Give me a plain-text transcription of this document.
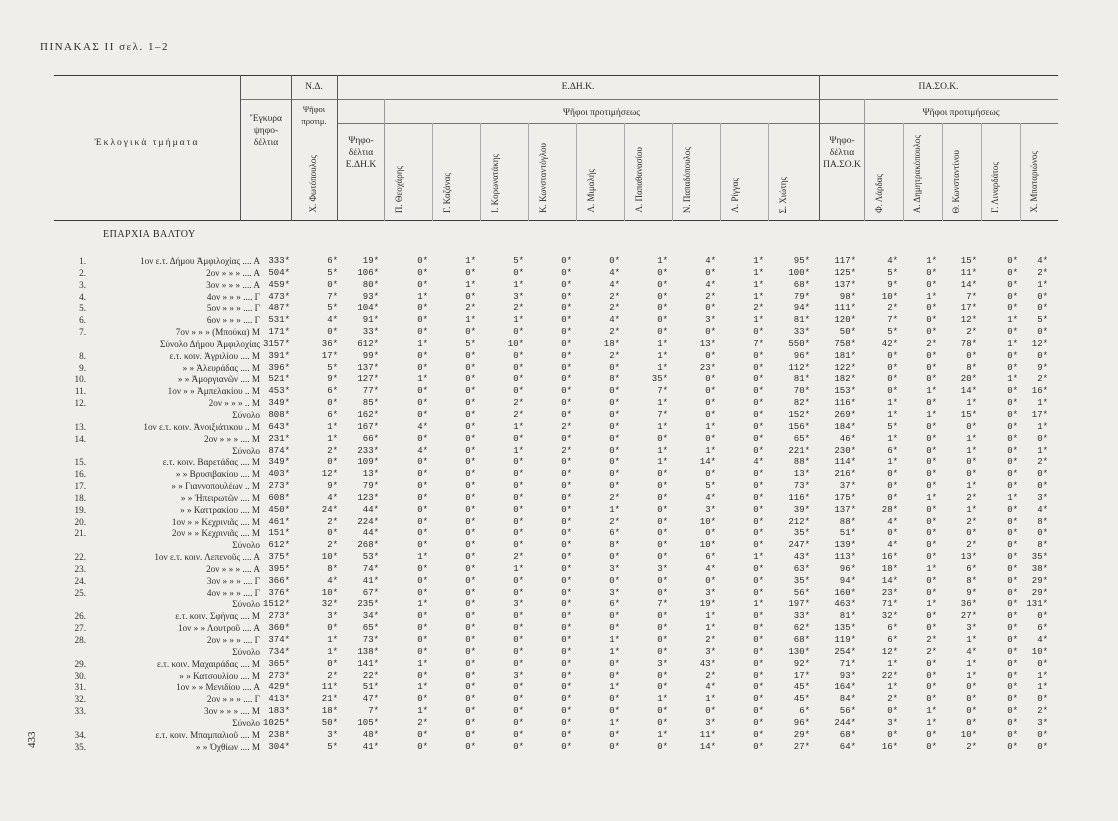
ΠΙΝΑΚΑΣ ΙΙ σελ. 1–2
433
Ἐκλογικὰ τμήματα
Ἔγκυρα ψηφο- δέλτια
Ν.Δ.
Ψῆφοι προτιμ.
Χ. Φωτόπουλος
Ε.ΔΗ.Κ.
Ψῆφοι προτιμήσεως
Ψηφο- δέλτια Ε.ΔΗ.Κ
ΠΑ.ΣΟ.Κ.
Ψῆφοι προτιμήσεως
Ψηφο- δέλτια ΠΑ.ΣΟ.Κ
Π. Θεοχάρης	Γ. Καζάνας	Ι. Κορωνατάκης	Κ. Κωνσταντόγλου	Λ. Μιμαλής	Λ. Παπαθανασίου	Ν. Παπαδόπουλος	Λ. Ρίγγας	Σ. Χιώτης	Φ. Λάρδας	Α. Δημητρακόπουλος	Θ. Κωνσταντίνου	Γ. Λιναρδάτος	Χ. Μπαταριώνος
ΕΠΑΡΧΙΑ ΒΑΛΤΟΥ
1.	1ον ε.τ. Δήμου Ἀμφιλοχίας .... Α 333*	6*	19*	0*	1*	5*	0*	0*	1*	4*	1*	95*	117*	4*	1*	15*	0*	4*
2.	2ον » » » .... Α 504*	5*	106*	0*	0*	0*	0*	4*	0*	0*	1*	100*	125*	5*	0*	11*	0*	2*
3.	3ον » » » .... Α 459*	0*	80*	0*	1*	1*	0*	4*	0*	4*	1*	68*	137*	9*	0*	14*	0*	1*
4.	4ον » » » .... Γ 473*	7*	93*	1*	0*	3*	0*	2*	0*	2*	1*	79*	98*	10*	1*	7*	0*	0*
5.	5ον » » » .... Γ 487*	5*	104*	0*	2*	2*	0*	2*	0*	0*	2*	94*	111*	2*	0*	17*	0*	0*
6.	6ον » » » .... Γ 531*	4*	91*	0*	1*	1*	0*	4*	0*	3*	1*	81*	120*	7*	0*	12*	1*	5*
7.	7ον » » » (Μπούκα) Μ 171*	0*	33*	0*	0*	0*	0*	2*	0*	0*	0*	33*	50*	5*	0*	2*	0*	0*
Σύνολο Δήμου Ἀμφιλοχίας 3157*	36*	612*	1*	5*	10*	0*	18*	1*	13*	7*	550*	758*	42*	2*	78*	1*	12*
8.	ε.τ. κοιν. Ἀγριλίου .... Μ 391*	17*	99*	0*	0*	0*	0*	2*	1*	0*	0*	96*	181*	0*	0*	0*	0*	0*
9.	» » Ἀλευράδας .... Μ 396*	5*	137*	0*	0*	0*	0*	0*	1*	23*	0*	112*	122*	0*	0*	8*	0*	9*
10.	» » Ἀμοργιανῶν .... Μ 521*	9*	127*	1*	0*	0*	0*	8*	35*	0*	0*	81*	182*	0*	0*	20*	1*	2*
11.	1ον » » Ἀμπελακίου .. Μ 453*	6*	77*	0*	0*	0*	0*	0*	7*	0*	0*	70*	153*	0*	1*	14*	0*	16*
12.	2ον » » » .. Μ 349*	0*	85*	0*	0*	2*	0*	0*	1*	0*	0*	82*	116*	1*	0*	1*	0*	1*
Σύνολο 808*	6*	162*	0*	0*	2*	0*	0*	7*	0*	0*	152*	269*	1*	1*	15*	0*	17*
13.	1ον ε.τ. κοιν. Ἀνοιξιάτικου .. Μ 643*	1*	167*	4*	0*	1*	2*	0*	1*	1*	0*	156*	184*	5*	0*	0*	0*	1*
14.	2ον » » » .... Μ 231*	1*	66*	0*	0*	0*	0*	0*	0*	0*	0*	65*	46*	1*	0*	1*	0*	0*
Σύνολο 874*	2*	233*	4*	0*	1*	2*	0*	1*	1*	0*	221*	230*	6*	0*	1*	0*	1*
15.	ε.τ. κοιν. Βαρετάδας .... Μ 349*	0*	109*	0*	0*	0*	0*	0*	1*	14*	4*	88*	114*	1*	0*	0*	0*	2*
16.	» » Βρυσιβακίου .... Μ 403*	12*	13*	0*	0*	0*	0*	0*	0*	0*	0*	13*	216*	0*	0*	0*	0*	0*
17.	» » Γιαννοπουλέων .. Μ 273*	9*	79*	0*	0*	0*	0*	0*	0*	5*	0*	73*	37*	0*	0*	1*	0*	0*
18.	» » Ἠπειρωτῶν .... Μ 608*	4*	123*	0*	0*	0*	0*	2*	0*	4*	0*	116*	175*	0*	1*	2*	1*	3*
19.	» » Καττρακίου .... Μ 450*	24*	44*	0*	0*	0*	0*	1*	0*	3*	0*	39*	137*	28*	0*	1*	0*	4*
20.	1ον » » Κεχρινιᾶς .... Μ 461*	2*	224*	0*	0*	0*	0*	2*	0*	10*	0*	212*	88*	4*	0*	2*	0*	8*
21.	2ον » » Κεχρινιᾶς .... Μ 151*	0*	44*	0*	0*	0*	0*	6*	0*	0*	0*	35*	51*	0*	0*	0*	0*	0*
Σύνολο 612*	2*	268*	0*	0*	0*	0*	8*	0*	10*	0*	247*	139*	4*	0*	2*	0*	8*
22.	1ον ε.τ. κοιν. Λεπενοῦς .... Α 375*	10*	53*	1*	0*	2*	0*	0*	0*	6*	1*	43*	113*	16*	0*	13*	0*	35*
23.	2ον » » » .... Α 395*	8*	74*	0*	0*	1*	0*	3*	3*	4*	0*	63*	96*	18*	1*	6*	0*	38*
24.	3ον » » » .... Γ 366*	4*	41*	0*	0*	0*	0*	0*	0*	0*	0*	35*	94*	14*	0*	8*	0*	29*
25.	4ον » » » .... Γ 376*	10*	67*	0*	0*	0*	0*	3*	0*	3*	0*	56*	160*	23*	0*	9*	0*	29*
Σύνολο 1512*	32*	235*	1*	0*	3*	0*	6*	7*	19*	1*	197*	463*	71*	1*	36*	0* 131*
26.	ε.τ. κοιν. Σφήνας .... Μ 273*	3*	34*	0*	0*	0*	0*	0*	0*	1*	0*	33*	81*	32*	0*	27*	0*	0*
27.	1ον » » Λουτροῦ .... Α 360*	0*	65*	0*	0*	0*	0*	0*	0*	1*	0*	62*	135*	6*	0*	3*	0*	6*
28.	2ον » » » .... Γ 374*	1*	73*	0*	0*	0*	0*	1*	0*	2*	0*	68*	119*	6*	2*	1*	0*	4*
Σύνολο 734*	1*	138*	0*	0*	0*	0*	1*	0*	3*	0*	130*	254*	12*	2*	4*	0*	10*
29.	ε.τ. κοιν. Μαχαιράδας .... Μ 365*	0*	141*	1*	0*	0*	0*	0*	3*	43*	0*	92*	71*	1*	0*	1*	0*	0*
30.	» » Κατσουλίου .... Μ 273*	2*	22*	0*	0*	3*	0*	0*	0*	2*	0*	17*	93*	22*	0*	1*	0*	1*
31.	1ον » » Μενιδίου .... Α 429*	11*	51*	1*	0*	0*	0*	1*	0*	4*	0*	45*	164*	1*	0*	0*	0*	1*
32.	2ον » » » .... Γ 413*	21*	47*	0*	0*	0*	0*	0*	1*	1*	0*	45*	84*	2*	0*	0*	0*	0*
33.	3ον » » » .... Μ 183*	18*	7*	1*	0*	0*	0*	0*	0*	0*	0*	6*	56*	0*	1*	0*	0*	2*
Σύνολο 1025*	50*	105*	2*	0*	0*	0*	1*	0*	3*	0*	96*	244*	3*	1*	0*	0*	3*
34.	ε.τ. κοιν. Μπαμπαλιοῦ .... Μ 238*	3*	48*	0*	0*	0*	0*	0*	1*	11*	0*	29*	68*	0*	0*	10*	0*	0*
35.	» » Ὀχθίων .... Μ 304*	5*	41*	0*	0*	0*	0*	0*	0*	14*	0*	27*	64*	16*	0*	2*	0*	0*
